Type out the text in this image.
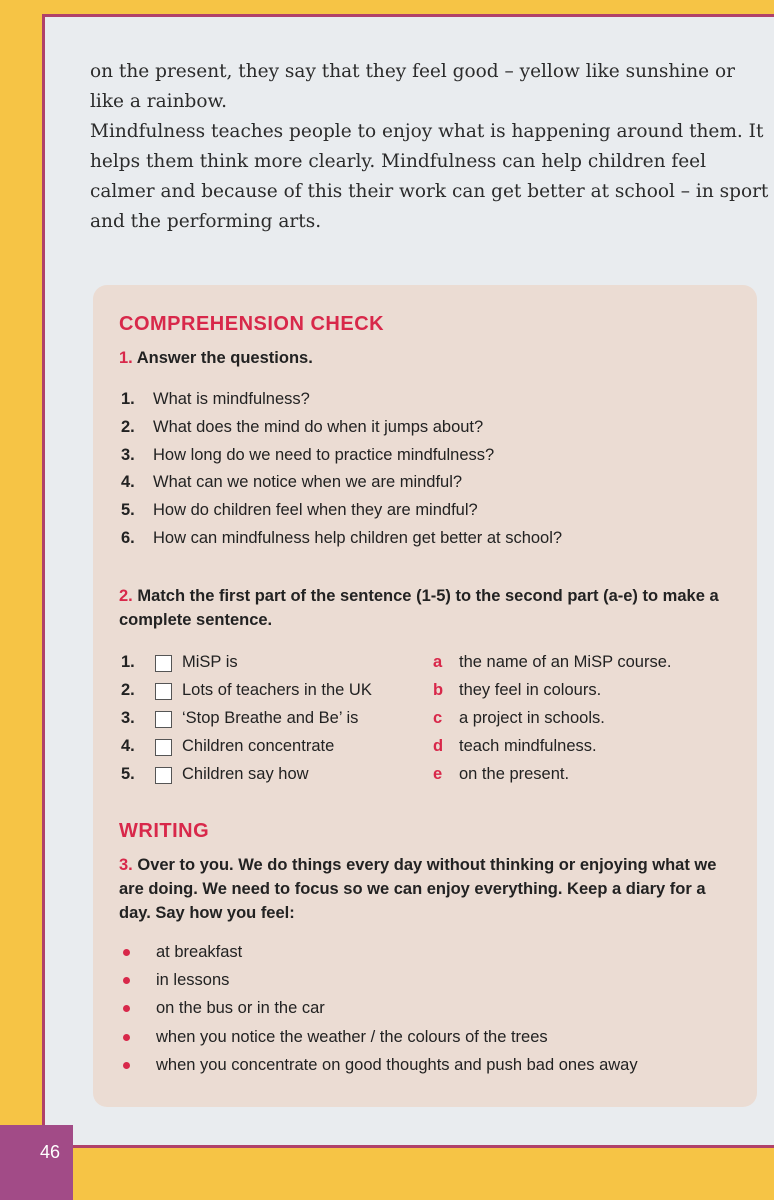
on the present, they say that they feel good – yellow like sunshine or like a rainbow.

Mindfulness teaches people to enjoy what is happening around them. It helps them think more clearly. Mindfulness can help children feel calmer and because of this their work can get better at school – in sport and the performing arts.

COMPREHENSION CHECK
1. Answer the questions.
1.	What is mindfulness?
2.	What does the mind do when it jumps about?
3.	How long do we need to practice mindfulness?
4.	What can we notice when we are mindful?
5.	How do children feel when they are mindful?
6.	How can mindfulness help children get better at school?
2. Match the first part of the sentence (1-5) to the second part (a-e) to make a complete sentence.
1.	MiSP is	a the name of an MiSP course.
2.	Lots of teachers in the UK	b they feel in colours.
3.	‘Stop Breathe and Be’ is	c a project in schools.
4.	Children concentrate	d teach mindfulness.
5.	Children say how	e on the present.
WRITING
3. Over to you. We do things every day without thinking or enjoying what we are doing. We need to focus so we can enjoy everything. Keep a diary for a day. Say how you feel:
at breakfast
in lessons
on the bus or in the car
when you notice the weather / the colours of the trees
when you concentrate on good thoughts and push bad ones away
46
